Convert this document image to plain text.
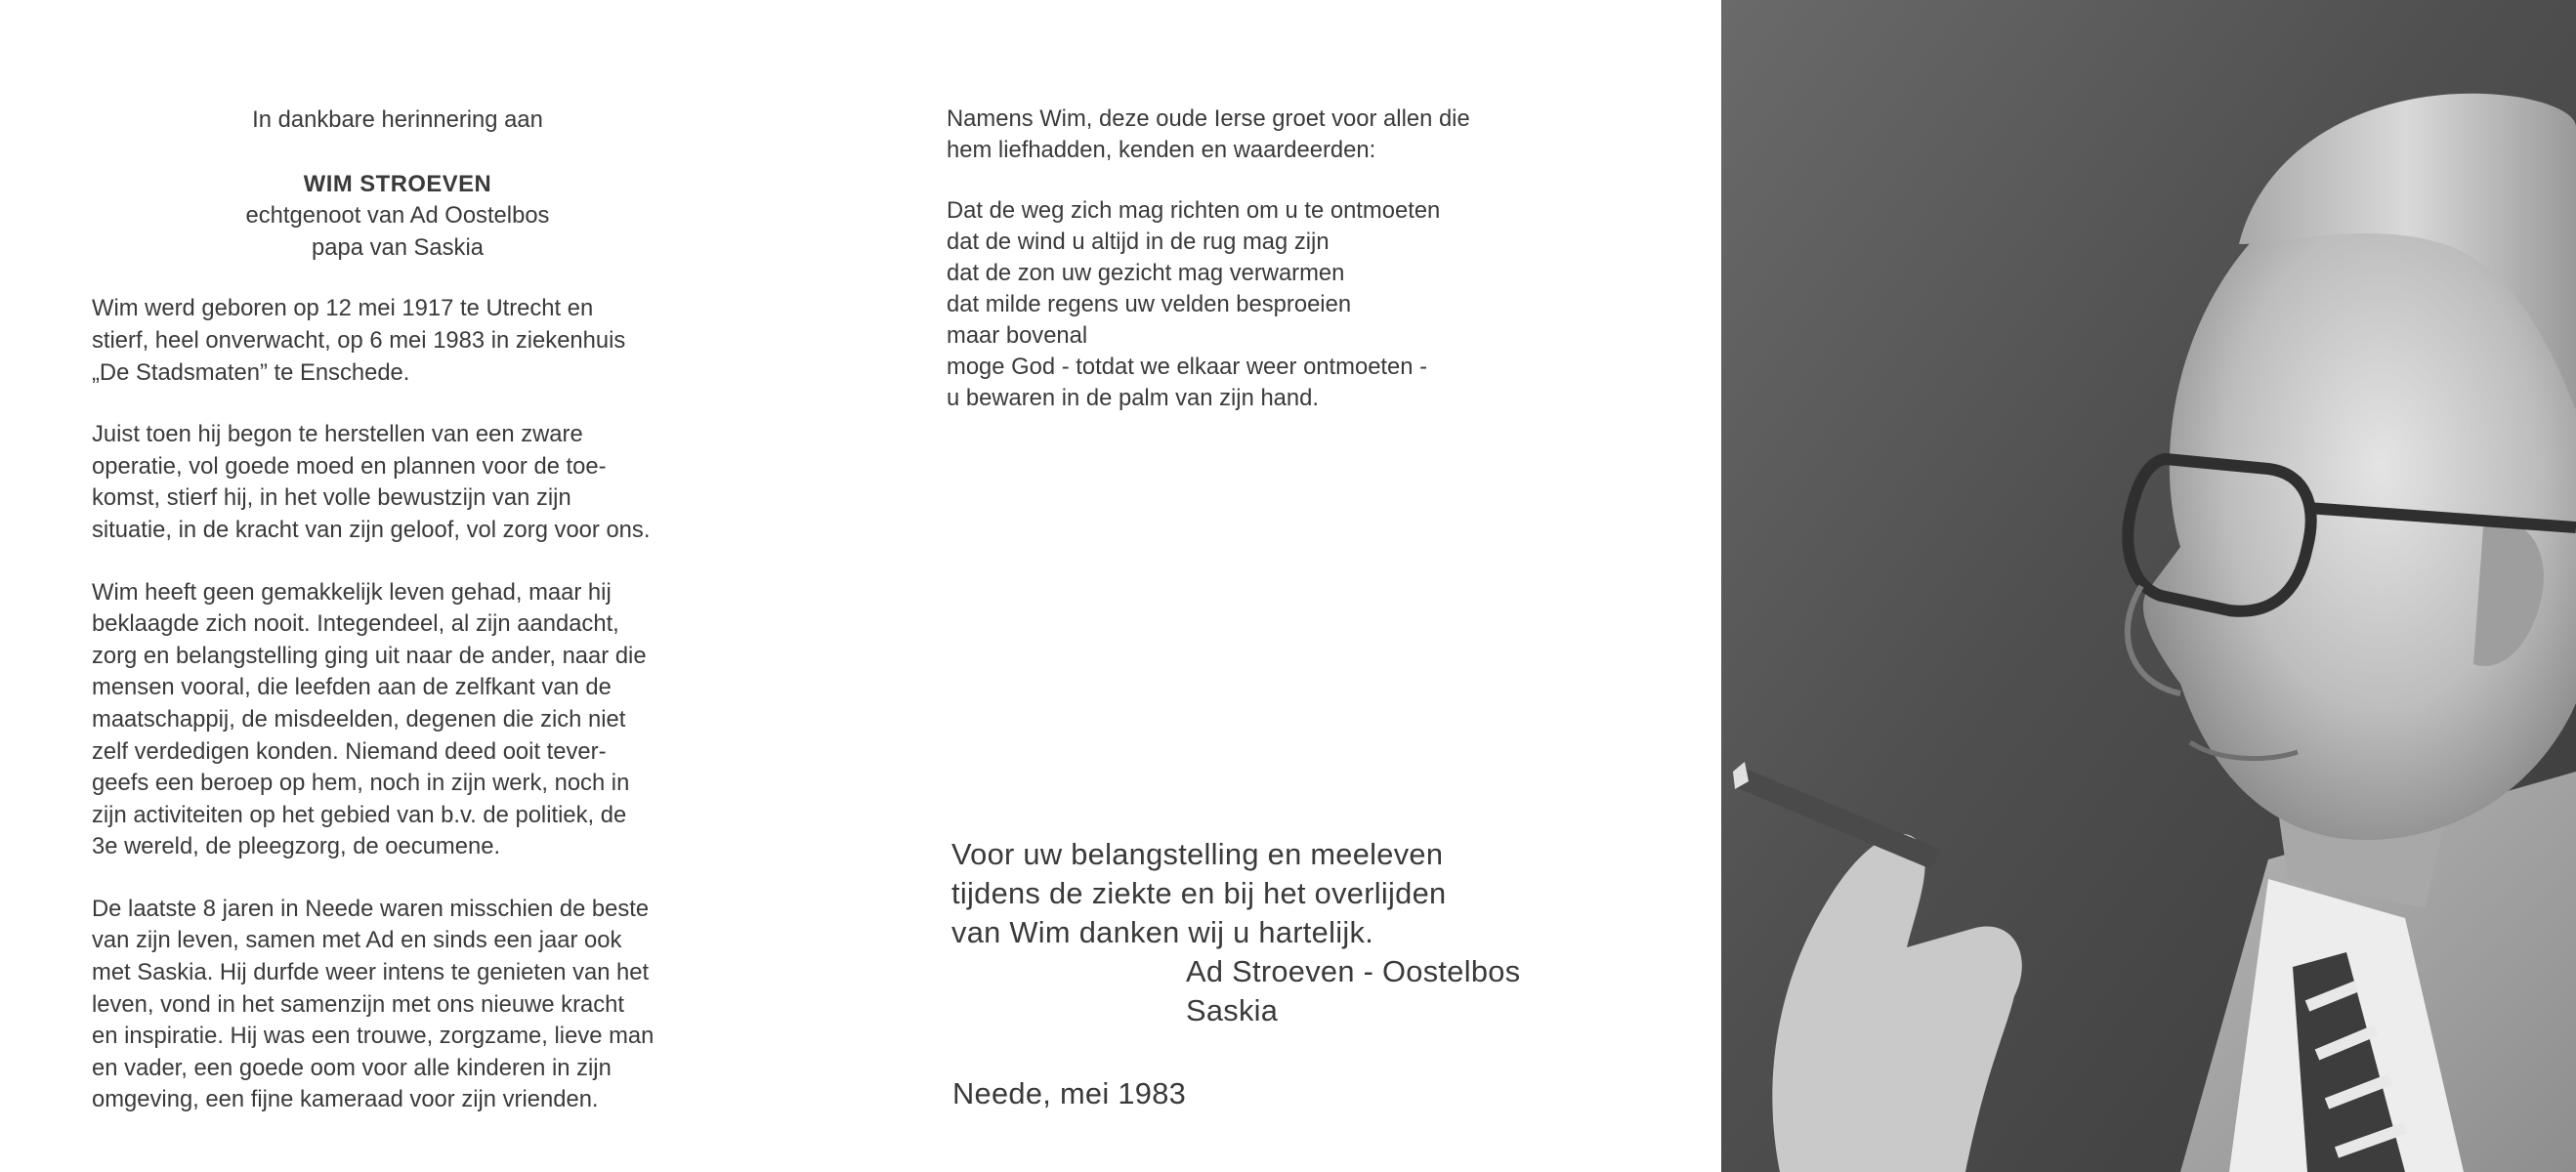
In dankbare herinnering aan
WIM STROEVEN
echtgenoot van Ad Oostelbos
papa van Saskia
Wim werd geboren op 12 mei 1917 te Utrecht en
stierf, heel onverwacht, op 6 mei 1983 in ziekenhuis
„De Stadsmaten” te Enschede.
Juist toen hij begon te herstellen van een zware
operatie, vol goede moed en plannen voor de toe-
komst, stierf hij, in het volle bewustzijn van zijn
situatie, in de kracht van zijn geloof, vol zorg voor ons.
Wim heeft geen gemakkelijk leven gehad, maar hij
beklaagde zich nooit. Integendeel, al zijn aandacht,
zorg en belangstelling ging uit naar de ander, naar die
mensen vooral, die leefden aan de zelfkant van de
maatschappij, de misdeelden, degenen die zich niet
zelf verdedigen konden. Niemand deed ooit tever-
geefs een beroep op hem, noch in zijn werk, noch in
zijn activiteiten op het gebied van b.v. de politiek, de
3e wereld, de pleegzorg, de oecumene.
De laatste 8 jaren in Neede waren misschien de beste
van zijn leven, samen met Ad en sinds een jaar ook
met Saskia. Hij durfde weer intens te genieten van het
leven, vond in het samenzijn met ons nieuwe kracht
en inspiratie. Hij was een trouwe, zorgzame, lieve man
en vader, een goede oom voor alle kinderen in zijn
omgeving, een fijne kameraad voor zijn vrienden.
Namens Wim, deze oude Ierse groet voor allen die
hem liefhadden, kenden en waardeerden:
Dat de weg zich mag richten om u te ontmoeten
dat de wind u altijd in de rug mag zijn
dat de zon uw gezicht mag verwarmen
dat milde regens uw velden besproeien
maar bovenal
moge God - totdat we elkaar weer ontmoeten -
u bewaren in de palm van zijn hand.
Voor uw belangstelling en meeleven
tijdens de ziekte en bij het overlijden
van Wim danken wij u hartelijk.
Ad Stroeven - Oostelbos
Saskia
Neede, mei 1983
